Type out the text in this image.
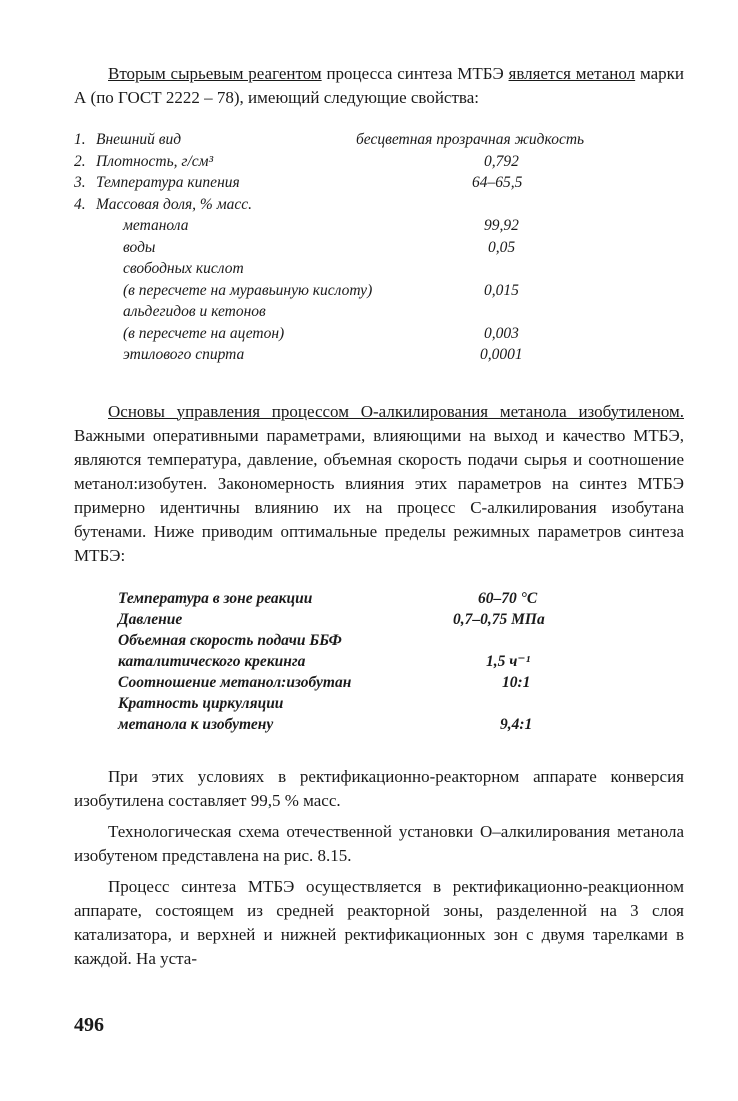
Вторым сырьевым реагентом процесса синтеза МТБЭ является метанол марки А (по ГОСТ 2222 – 78), имеющий следующие свойства:

1. Внешний вид	бесцветная прозрачная жидкость
2. Плотность, г/см³	0,792
3. Температура кипения	64–65,5
4. Массовая доля, % масс.
метанола	99,92
воды	0,05
свободных кислот
(в пересчете на муравьиную кислоту)	0,015
альдегидов и кетонов
(в пересчете на ацетон)	0,003
этилового спирта	0,0001

Основы управления процессом О-алкилирования метанола изобутиленом. Важными оперативными параметрами, влияющими на выход и качество МТБЭ, являются температура, давление, объемная скорость подачи сырья и соотношение метанол:изобутен. Закономерность влияния этих параметров на синтез МТБЭ примерно идентичны влиянию их на процесс С-алкилирования изобутана бутенами. Ниже приводим оптимальные пределы режимных параметров синтеза МТБЭ:

Температура в зоне реакции	60–70 °С
Давление	0,7–0,75 МПа
Объемная скорость подачи ББФ
каталитического крекинга	1,5 ч⁻¹
Соотношение метанол:изобутан	10:1
Кратность циркуляции
метанола к изобутену	9,4:1

При этих условиях в ректификационно-реакторном аппарате конверсия изобутилена составляет 99,5 % масс.

Технологическая схема отечественной установки О–алкилирования метанола изобутеном представлена на рис. 8.15.

Процесс синтеза МТБЭ осуществляется в ректификационно-реакционном аппарате, состоящем из средней реакторной зоны, разделенной на 3 слоя катализатора, и верхней и нижней ректификационных зон с двумя тарелками в каждой. На уста-

496
